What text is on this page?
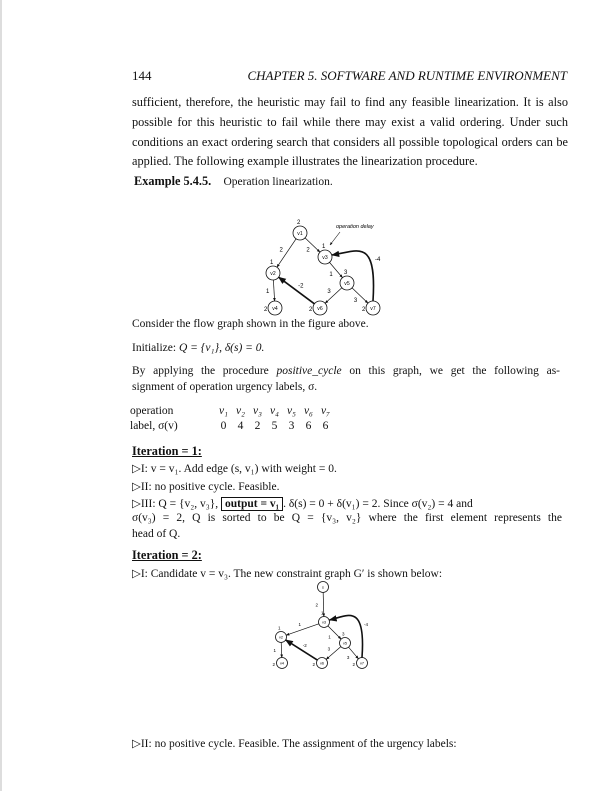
144	CHAPTER 5. SOFTWARE AND RUNTIME ENVIRONMENT
sufficient, therefore, the heuristic may fail to find any feasible linearization. It is also
possible for this heuristic to fail while there may exist a valid ordering. Under such
conditions an exact ordering search that considers all possible topological orders can be
applied. The following example illustrates the linearization procedure.
Example 5.4.5. Operation linearization.
2	2
1
1
3
3
-2
-4
v1
2
v2
1
v3
1
v4
2
v5
3
v6
2	v7
2
operation delay
Consider the flow graph shown in the figure above.
Initialize: Q = {v₁}, δ(s) = 0.
By applying the procedure positive_cycle on this graph, we get the following as-
signment of operation urgency labels, σ.
operation	v₁	v₂	v₃	v₄	v₅	v₆	v₇
label, σ(v)	0	4	2	5	3	6	6
Iteration = 1:
▷I: v = v₁. Add edge (s, v₁) with weight = 0.
▷II: no positive cycle. Feasible.
▷III: Q = {v₂, v₃}, output = v₁ . δ(s) = 0 + δ(v₁) = 2. Since σ(v₂) = 4 and
σ(v₃) = 2, Q is sorted to be Q = {v₃, v₂} where the first element represents the
head of Q.
Iteration = 2:
▷I: Candidate v = v₃. The new constraint graph G′ is shown below:
2
1
1
1	3
3
-2
-4
s
v2
1
v3
1
v4
2
v5
3
v6
2	v7
2
▷II: no positive cycle. Feasible. The assignment of the urgency labels:
